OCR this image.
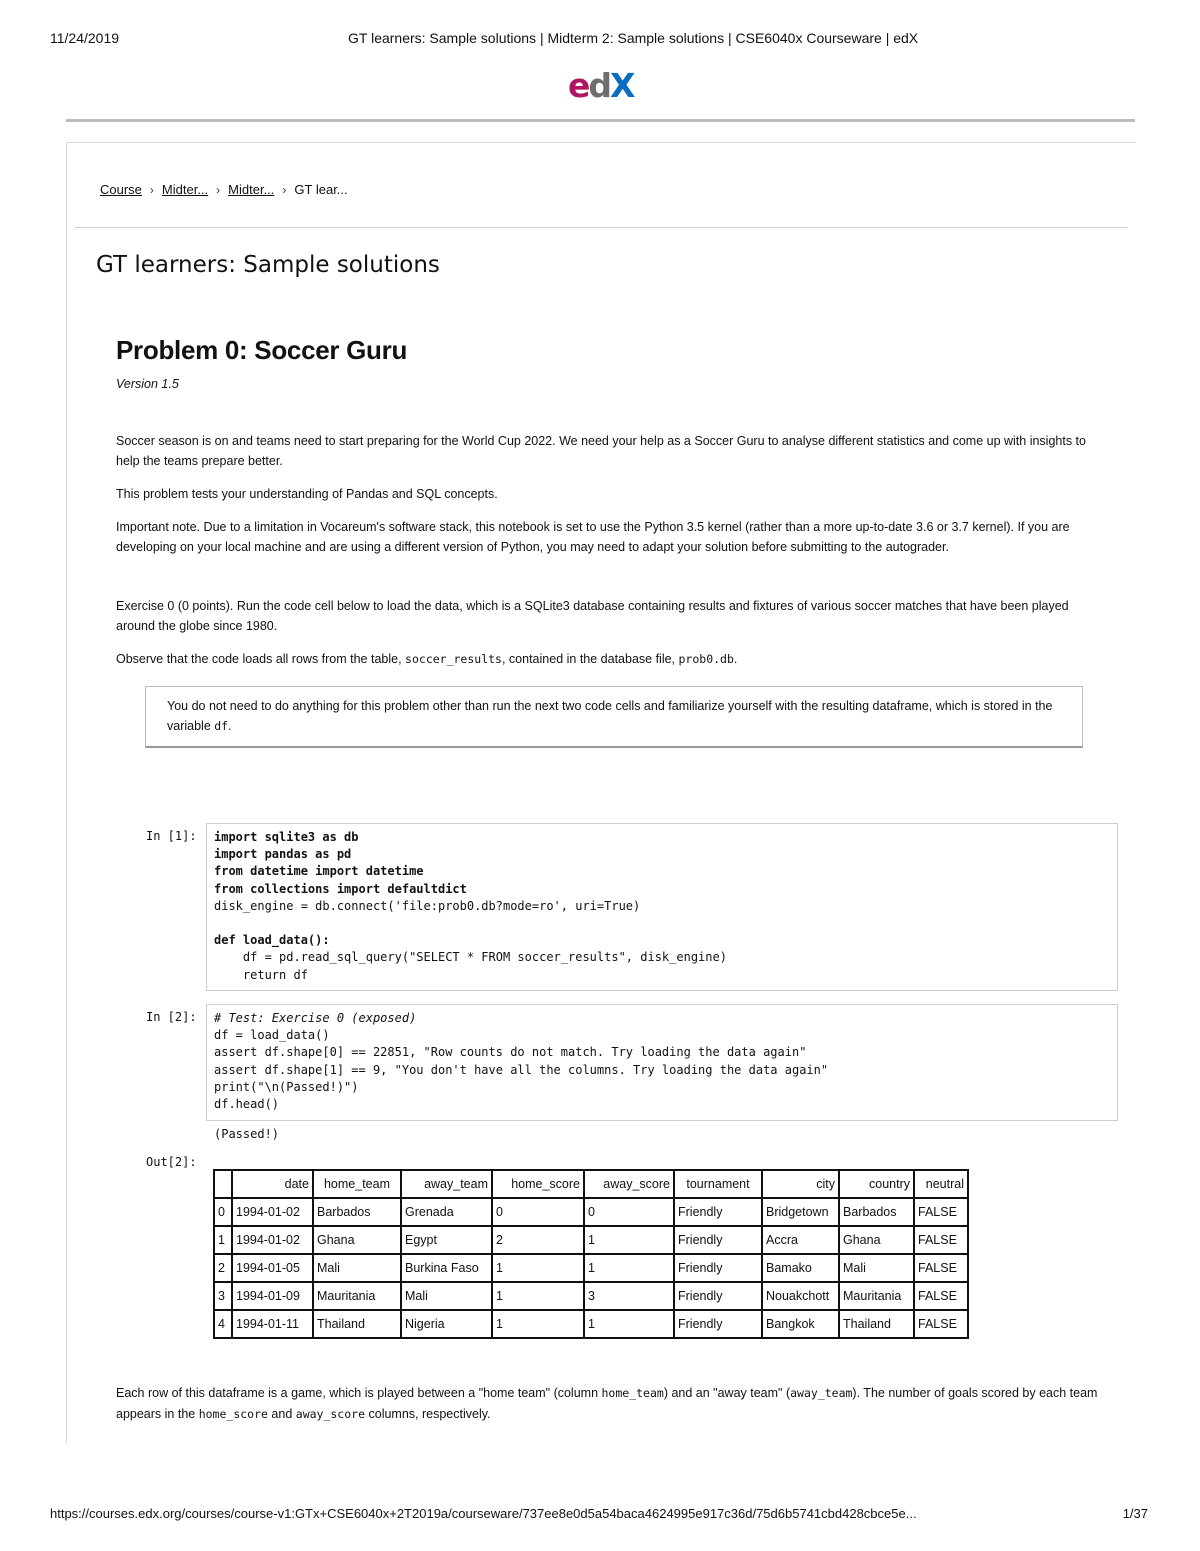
11/24/2019	GT learners: Sample solutions | Midterm 2: Sample solutions | CSE6040x Courseware | edX
edX
Course › Midter... › Midter... › GT lear...
GT learners: Sample solutions
Problem 0: Soccer Guru
Version 1.5

Soccer season is on and teams need to start preparing for the World Cup 2022. We need your help as a Soccer Guru to analyse different statistics and come up with insights to help the teams prepare better.

This problem tests your understanding of Pandas and SQL concepts.

Important note. Due to a limitation in Vocareum's software stack, this notebook is set to use the Python 3.5 kernel (rather than a more up-to-date 3.6 or 3.7 kernel). If you are developing on your local machine and are using a different version of Python, you may need to adapt your solution before submitting to the autograder.

Exercise 0 (0 points). Run the code cell below to load the data, which is a SQLite3 database containing results and fixtures of various soccer matches that have been played around the globe since 1980.

Observe that the code loads all rows from the table, soccer_results, contained in the database file, prob0.db.

You do not need to do anything for this problem other than run the next two code cells and familiarize yourself with the resulting dataframe, which is stored in the variable df.
In [1]:	import sqlite3 as db
import pandas as pd
from datetime import datetime
from collections import defaultdict
disk_engine = db.connect('file:prob0.db?mode=ro', uri=True)

def load_data():
df = pd.read_sql_query("SELECT * FROM soccer_results", disk_engine)
return df
In [2]:	# Test: Exercise 0 (exposed)
df = load_data()
assert df.shape[0] == 22851, "Row counts do not match. Try loading the data again"
assert df.shape[1] == 9, "You don't have all the columns. Try loading the data again"
print("\n(Passed!)")
df.head()
(Passed!)
Out[2]:
	date	home_team	away_team	home_score	away_score	tournament	city	country	neutral
0	1994-01-02	Barbados	Grenada	0	0	Friendly	Bridgetown	Barbados	FALSE
1	1994-01-02	Ghana	Egypt	2	1	Friendly	Accra	Ghana	FALSE
2	1994-01-05	Mali	Burkina Faso	1	1	Friendly	Bamako	Mali	FALSE
3	1994-01-09	Mauritania	Mali	1	3	Friendly	Nouakchott	Mauritania	FALSE
4	1994-01-11	Thailand	Nigeria	1	1	Friendly	Bangkok	Thailand	FALSE
Each row of this dataframe is a game, which is played between a "home team" (column home_team) and an "away team" (away_team). The number of goals scored by each team appears in the home_score and away_score columns, respectively.
https://courses.edx.org/courses/course-v1:GTx+CSE6040x+2T2019a/courseware/737ee8e0d5a54baca4624995e917c36d/75d6b5741cbd428cbce5e...	1/37
